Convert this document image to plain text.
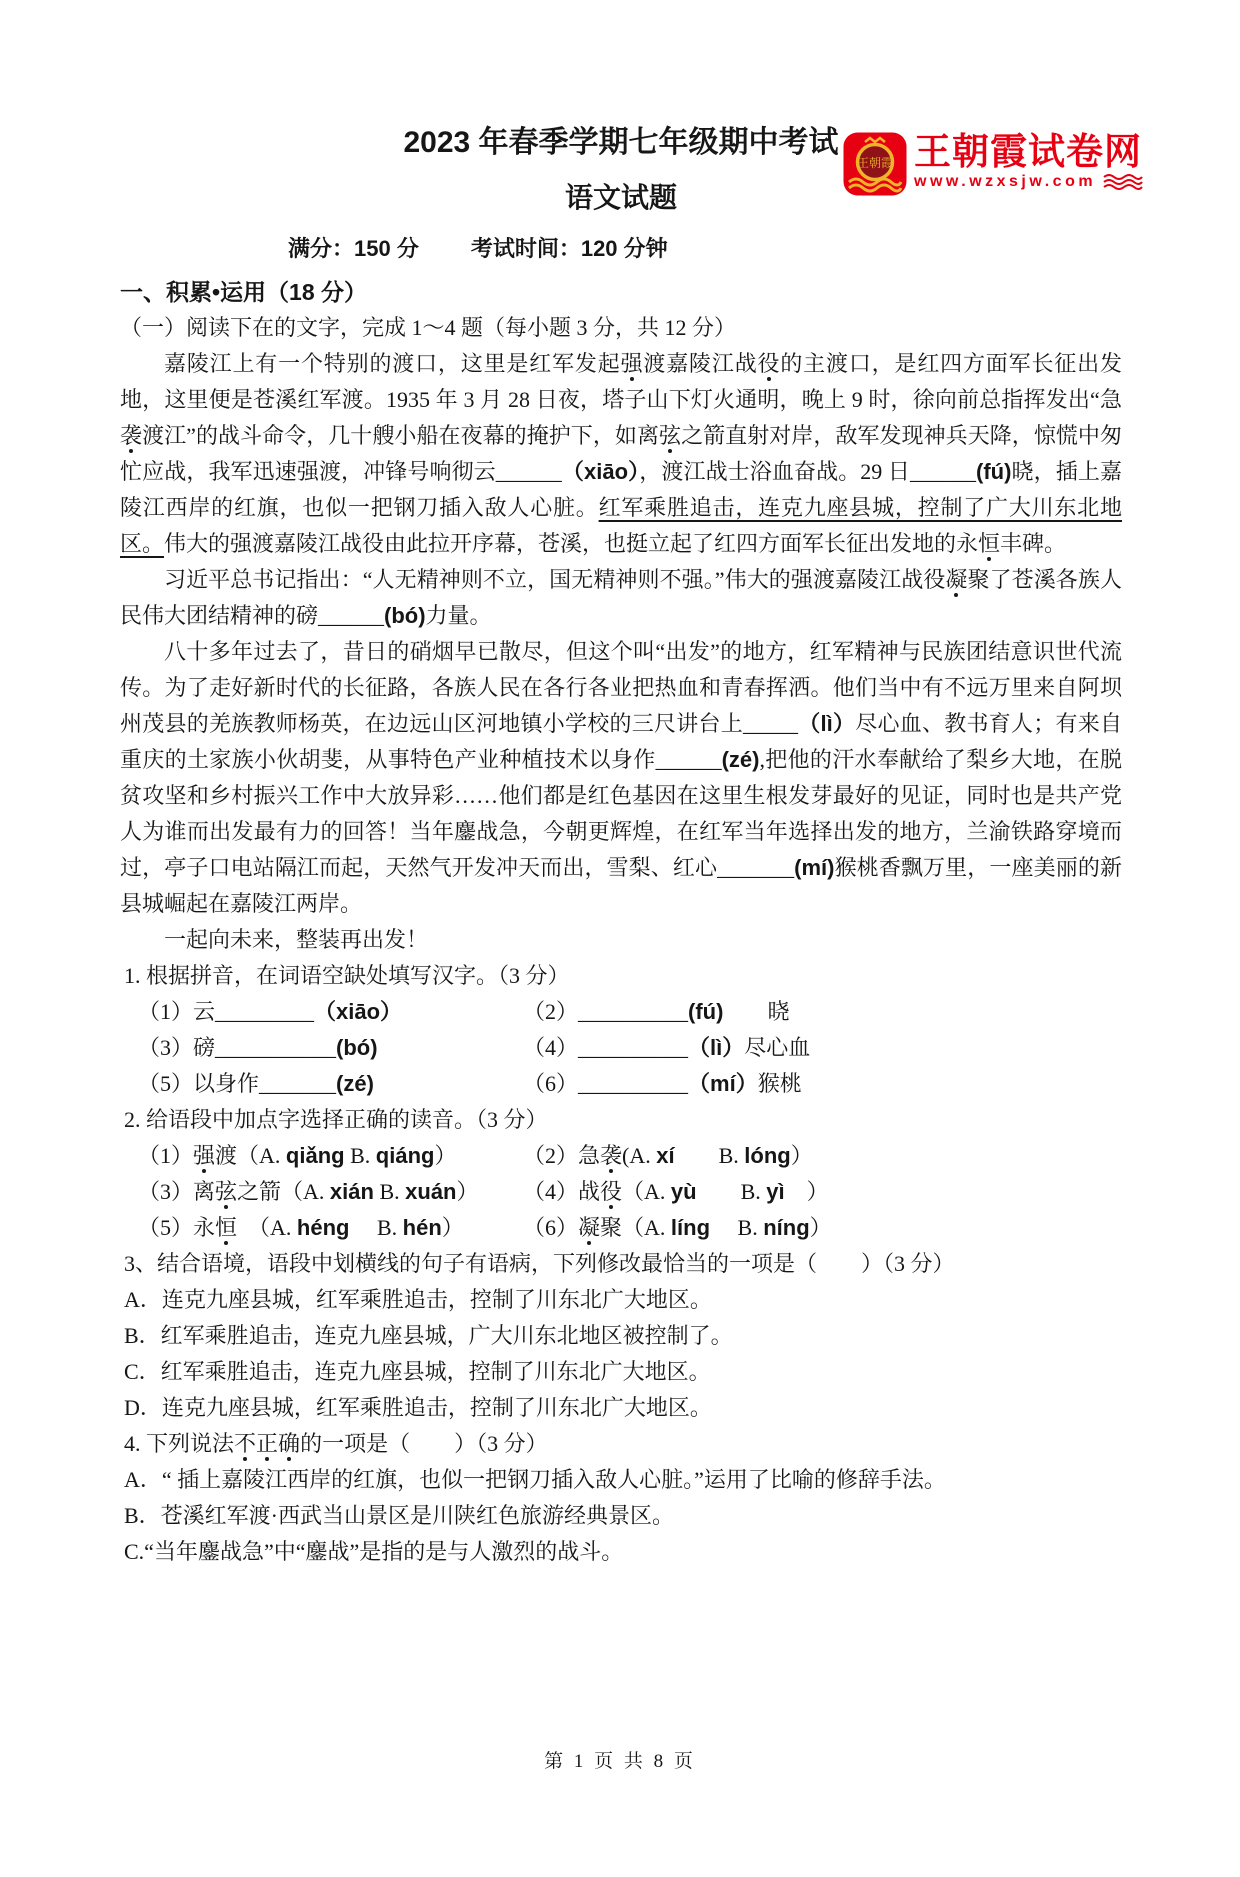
王朝霞 王朝霞试卷网
www.wzxsjw.com
2023 年春季学期七年级期中考试
语文试题
满分：150 分 考试时间：120 分钟
一、积累•运用（18 分）
（一）阅读下在的文字，完成 1～4 题（每小题 3 分，共 12 分）

嘉陵江上有一个特别的渡口，这里是红军发起强渡嘉陵江战役的主渡口，是红四方面军长征出发地，这里便是苍溪红军渡。1935 年 3 月 28 日夜，塔子山下灯火通明，晚上 9 时，徐向前总指挥发出“急袭渡江”的战斗命令，几十艘小船在夜幕的掩护下，如离弦之箭直射对岸，敌军发现神兵天降，惊慌中匆忙应战，我军迅速强渡，冲锋号响彻云______（xiāo），渡江战士浴血奋战。29 日______(fú)晓，插上嘉陵江西岸的红旗，也似一把钢刀插入敌人心脏。红军乘胜追击，连克九座县城，控制了广大川东北地区。伟大的强渡嘉陵江战役由此拉开序幕，苍溪，也挺立起了红四方面军长征出发地的永恒丰碑。

习近平总书记指出：“人无精神则不立，国无精神则不强。”伟大的强渡嘉陵江战役凝聚了苍溪各族人民伟大团结精神的磅______(bó)力量。

八十多年过去了，昔日的硝烟早已散尽，但这个叫“出发”的地方，红军精神与民族团结意识世代流传。为了走好新时代的长征路，各族人民在各行各业把热血和青春挥洒。他们当中有不远万里来自阿坝州茂县的羌族教师杨英，在边远山区河地镇小学校的三尺讲台上_____（lì）尽心血、教书育人；有来自重庆的土家族小伙胡斐，从事特色产业种植技术以身作______(zé),把他的汗水奉献给了梨乡大地，在脱贫攻坚和乡村振兴工作中大放异彩……他们都是红色基因在这里生根发芽最好的见证，同时也是共产党人为谁而出发最有力的回答！当年鏖战急，今朝更辉煌，在红军当年选择出发的地方，兰渝铁路穿境而过，亭子口电站隔江而起，天然气开发冲天而出，雪梨、红心_______(mí)猴桃香飘万里，一座美丽的新县城崛起在嘉陵江两岸。

一起向未来，整装再出发！

1. 根据拼音，在词语空缺处填写汉字。（3 分）
（1）云_________（xiāo）	（2）__________(fú)　　晓
（3）磅___________(bó)	（4）__________（lì）尽心血
（5）以身作_______(zé)	（6）__________（mí）猴桃
2. 给语段中加点字选择正确的读音。（3 分）
（1）强渡（A. qiǎng B. qiáng）	（2）急袭(A. xí　　B. lóng）
（3）离弦之箭（A. xián B. xuán）	（4）战役（A. yù　　B. yì　）
（5）永恒　（A. héng　 B. hén）	（6）凝聚（A. líng　 B. níng）
3、结合语境，语段中划横线的句子有语病，下列修改最恰当的一项是（　　）（3 分）
A．连克九座县城，红军乘胜追击，控制了川东北广大地区。
B．红军乘胜追击，连克九座县城，广大川东北地区被控制了。
C．红军乘胜追击，连克九座县城，控制了川东北广大地区。
D．连克九座县城，红军乘胜追击，控制了川东北广大地区。
4. 下列说法不正确的一项是（　　）（3 分）
A．“ 插上嘉陵江西岸的红旗，也似一把钢刀插入敌人心脏。”运用了比喻的修辞手法。
B．苍溪红军渡·西武当山景区是川陕红色旅游经典景区。
C.“当年鏖战急”中“鏖战”是指的是与人激烈的战斗。
第 1 页 共 8 页
